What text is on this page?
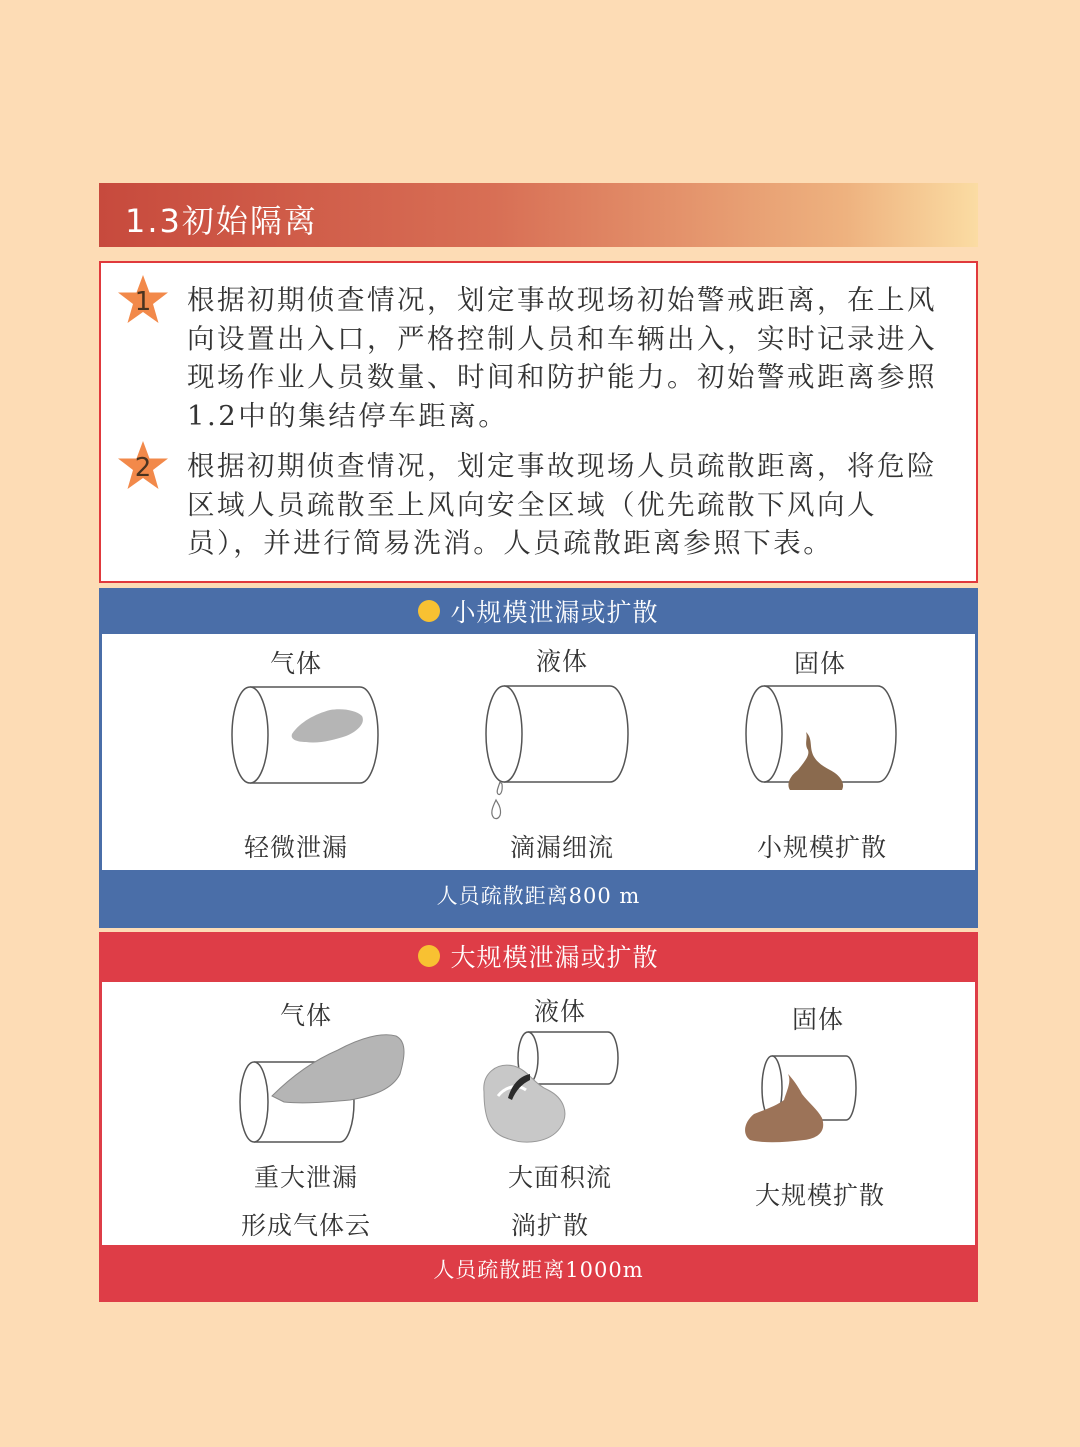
1.3初始隔离
1	根据初期侦查情况，划定事故现场初始警戒距离，在上风向设置出入口，严格控制人员和车辆出入，实时记录进入现场作业人员数量、时间和防护能力。初始警戒距离参照1.2中的集结停车距离。
2	根据初期侦查情况，划定事故现场人员疏散距离，将危险区域人员疏散至上风向安全区域（优先疏散下风向人员），并进行简易洗消。人员疏散距离参照下表。
小规模泄漏或扩散
气体
轻微泄漏
液体
滴漏细流
固体
小规模扩散
人员疏散距离800 m
大规模泄漏或扩散
气体
重大泄漏
形成气体云
液体
大面积流
淌扩散
固体
大规模扩散
人员疏散距离1000m
